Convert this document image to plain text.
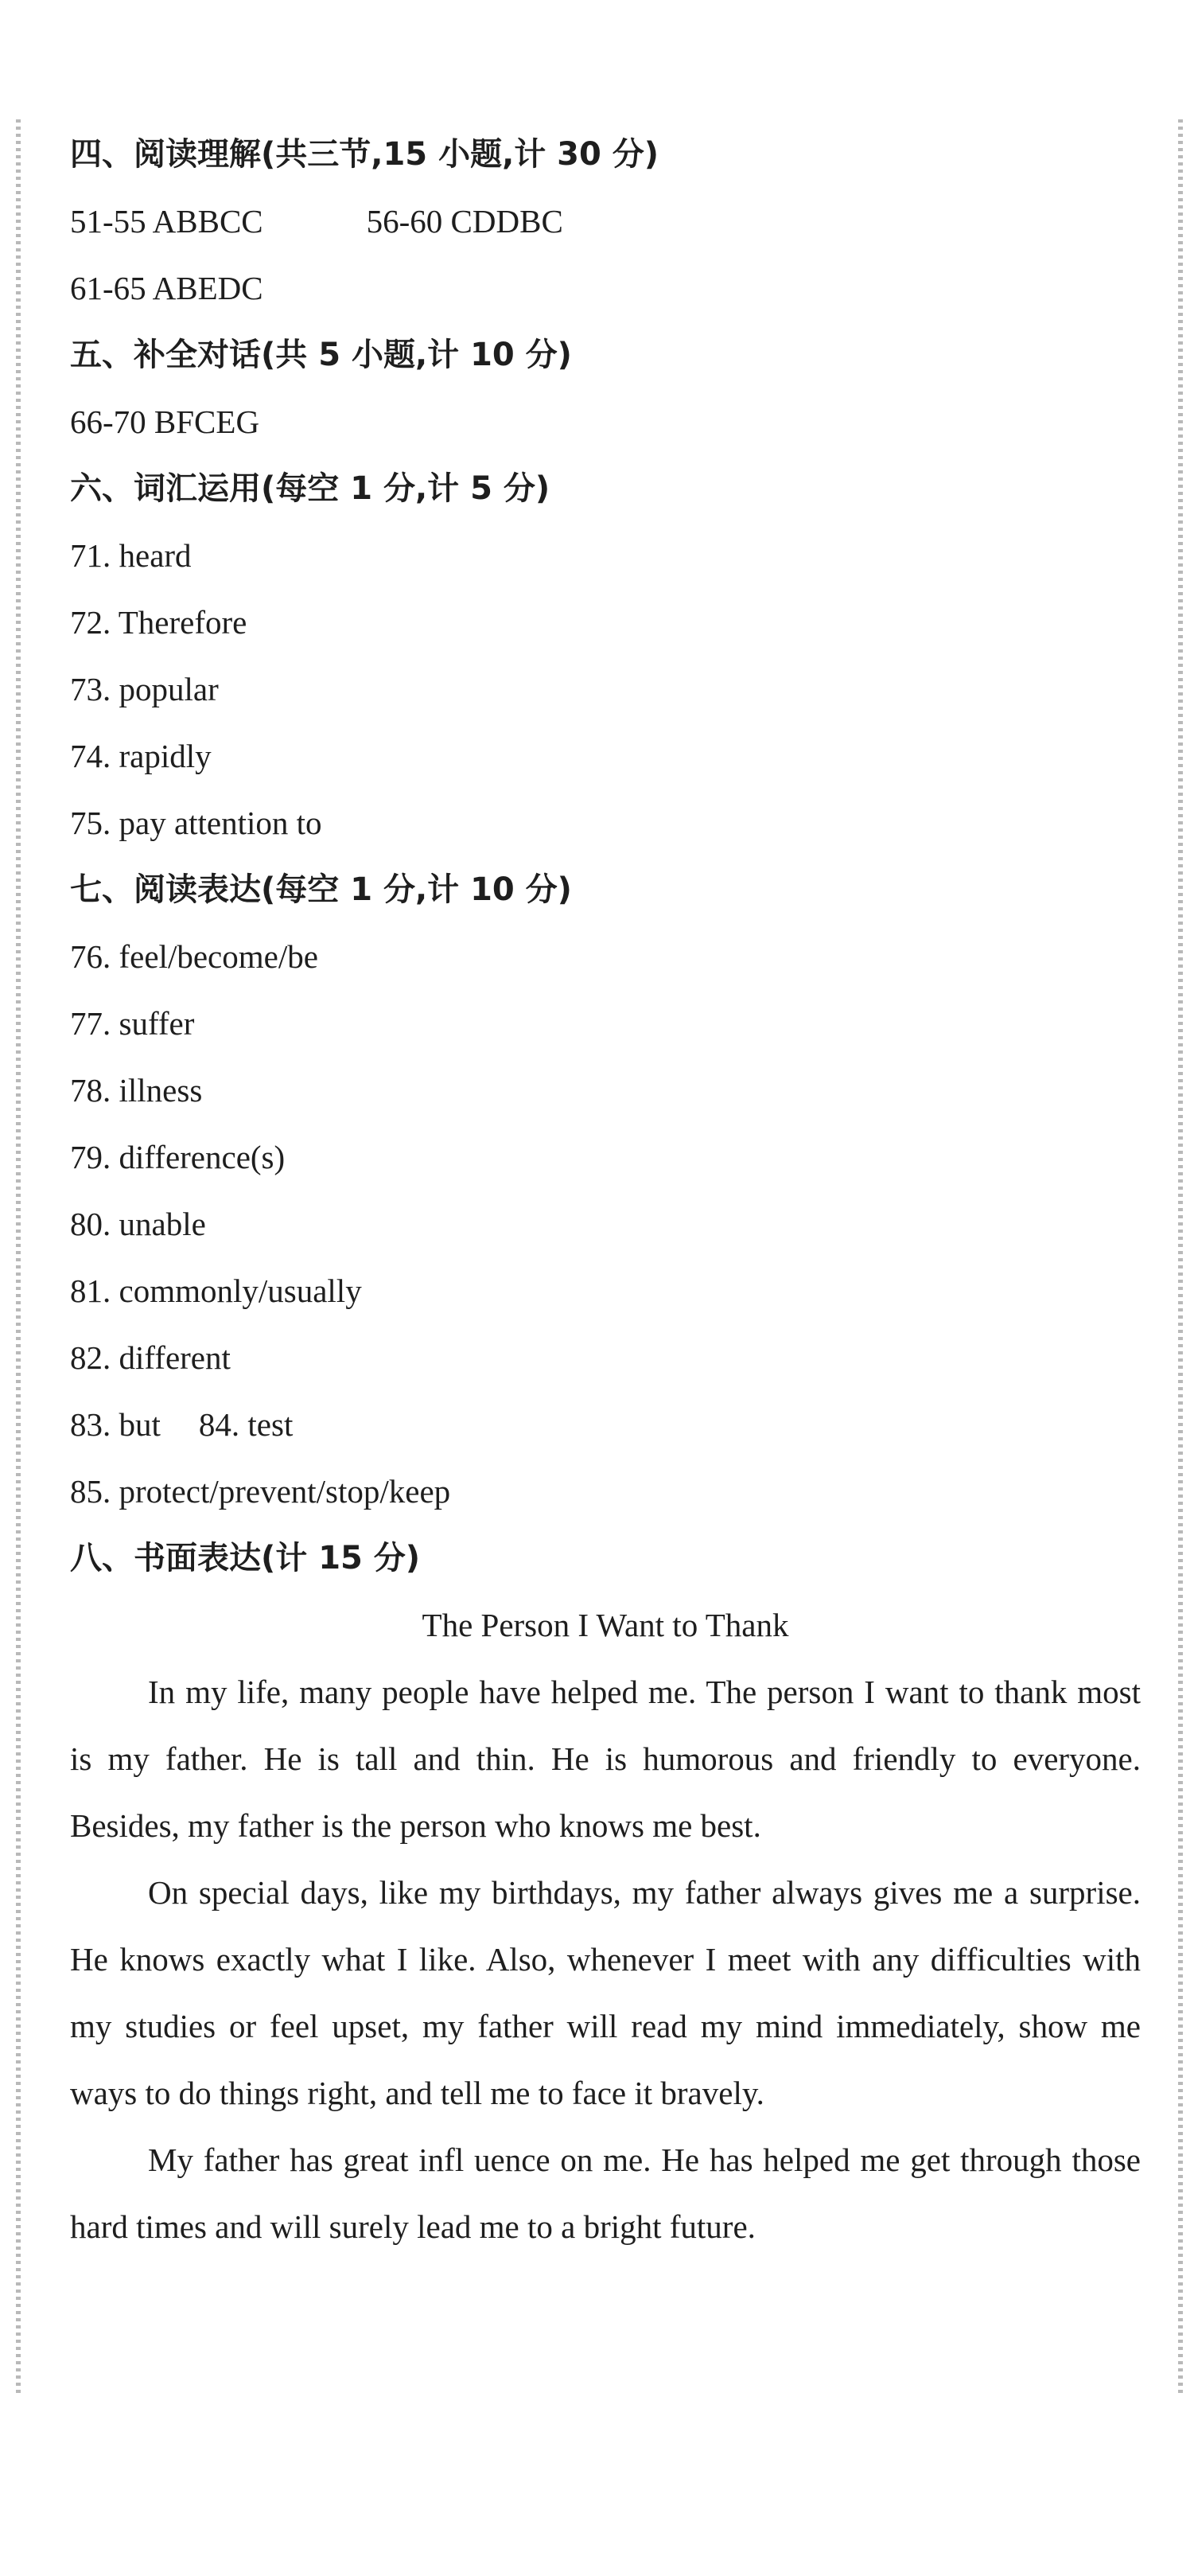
四、阅读理解(共三节,15 小题,计 30 分)
51-55 ABBCC	56-60 CDDBC
61-65 ABEDC
五、补全对话(共 5 小题,计 10 分)
66-70 BFCEG
六、词汇运用(每空 1 分,计 5 分)
71. heard
72. Therefore
73. popular
74. rapidly
75. pay attention to
七、阅读表达(每空 1 分,计 10 分)
76. feel/become/be
77. suffer
78. illness
79. difference(s)
80. unable
81. commonly/usually
82. different
83. but 84. test
85. protect/prevent/stop/keep
八、书面表达(计 15 分)
The Person I Want to Thank

In my life, many people have helped me. The person I want to thank most is my father. He is tall and thin. He is humorous and friendly to everyone. Besides, my father is the person who knows me best.

On special days, like my birthdays, my father always gives me a surprise. He knows exactly what I like. Also, whenever I meet with any difficulties with my studies or feel upset, my father will read my mind immediately, show me ways to do things right, and tell me to face it bravely.

My father has great infl uence on me. He has helped me get through those hard times and will surely lead me to a bright future.
